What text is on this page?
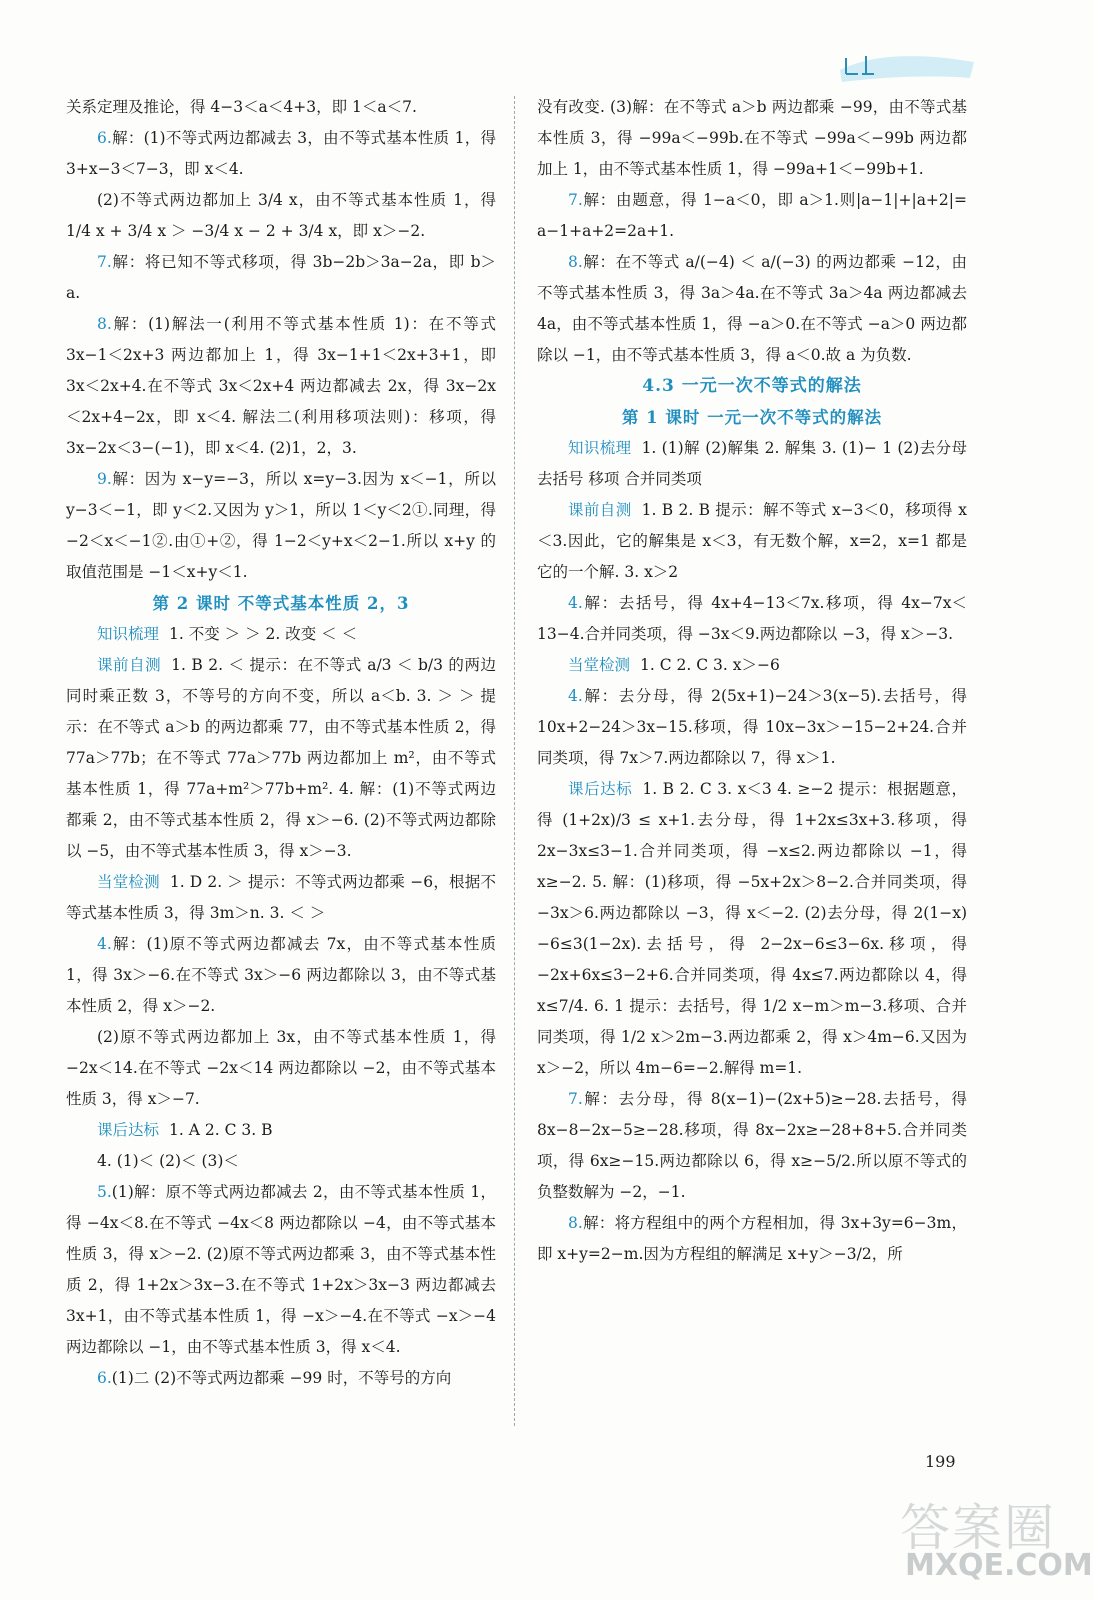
关系定理及推论，得 4−3＜a＜4+3，即 1＜a＜7.

6.解：(1)不等式两边都减去 3，由不等式基本性质 1，得 3+x−3＜7−3，即 x＜4.

(2)不等式两边都加上 3/4 x，由不等式基本性质 1，得 1/4 x + 3/4 x ＞ −3/4 x − 2 + 3/4 x，即 x＞−2.

7.解：将已知不等式移项，得 3b−2b＞3a−2a，即 b＞a.

8.解：(1)解法一(利用不等式基本性质 1)：在不等式 3x−1＜2x+3 两边都加上 1，得 3x−1+1＜2x+3+1，即 3x＜2x+4.在不等式 3x＜2x+4 两边都减去 2x，得 3x−2x＜2x+4−2x，即 x＜4. 解法二(利用移项法则)：移项，得 3x−2x＜3−(−1)，即 x＜4. (2)1，2，3.

9.解：因为 x−y=−3，所以 x=y−3.因为 x＜−1，所以 y−3＜−1，即 y＜2.又因为 y＞1，所以 1＜y＜2①.同理，得 −2＜x＜−1②.由①+②，得 1−2＜y+x＜2−1.所以 x+y 的取值范围是 −1＜x+y＜1.

第 2 课时 不等式基本性质 2，3

知识梳理 1. 不变 ＞ ＞ 2. 改变 ＜ ＜

课前自测 1. B 2. ＜ 提示：在不等式 a/3 ＜ b/3 的两边同时乘正数 3，不等号的方向不变，所以 a＜b. 3. ＞ ＞ 提示：在不等式 a＞b 的两边都乘 77，由不等式基本性质 2，得 77a＞77b；在不等式 77a＞77b 两边都加上 m²，由不等式基本性质 1，得 77a+m²＞77b+m². 4. 解：(1)不等式两边都乘 2，由不等式基本性质 2，得 x＞−6. (2)不等式两边都除以 −5，由不等式基本性质 3，得 x＞−3.

当堂检测 1. D 2. ＞ 提示：不等式两边都乘 −6，根据不等式基本性质 3，得 3m＞n. 3. ＜ ＞

4.解：(1)原不等式两边都减去 7x，由不等式基本性质 1，得 3x＞−6.在不等式 3x＞−6 两边都除以 3，由不等式基本性质 2，得 x＞−2.

(2)原不等式两边都加上 3x，由不等式基本性质 1，得 −2x＜14.在不等式 −2x＜14 两边都除以 −2，由不等式基本性质 3，得 x＞−7.

课后达标 1. A 2. C 3. B

4. (1)＜ (2)＜ (3)＜

5.(1)解：原不等式两边都减去 2，由不等式基本性质 1，得 −4x＜8.在不等式 −4x＜8 两边都除以 −4，由不等式基本性质 3，得 x＞−2. (2)原不等式两边都乘 3，由不等式基本性质 2，得 1+2x＞3x−3.在不等式 1+2x＞3x−3 两边都减去 3x+1，由不等式基本性质 1，得 −x＞−4.在不等式 −x＞−4 两边都除以 −1，由不等式基本性质 3，得 x＜4.

6.(1)二 (2)不等式两边都乘 −99 时，不等号的方向

没有改变. (3)解：在不等式 a＞b 两边都乘 −99，由不等式基本性质 3，得 −99a＜−99b.在不等式 −99a＜−99b 两边都加上 1，由不等式基本性质 1，得 −99a+1＜−99b+1.

7.解：由题意，得 1−a＜0，即 a＞1.则|a−1|+|a+2|= a−1+a+2=2a+1.

8.解：在不等式 a/(−4) ＜ a/(−3) 的两边都乘 −12，由不等式基本性质 3，得 3a＞4a.在不等式 3a＞4a 两边都减去 4a，由不等式基本性质 1，得 −a＞0.在不等式 −a＞0 两边都除以 −1，由不等式基本性质 3，得 a＜0.故 a 为负数.

4.3 一元一次不等式的解法

第 1 课时 一元一次不等式的解法

知识梳理 1. (1)解 (2)解集 2. 解集 3. (1)− 1 (2)去分母 去括号 移项 合并同类项

课前自测 1. B 2. B 提示：解不等式 x−3＜0，移项得 x＜3.因此，它的解集是 x＜3，有无数个解，x=2，x=1 都是它的一个解. 3. x＞2

4.解：去括号，得 4x+4−13＜7x.移项，得 4x−7x＜13−4.合并同类项，得 −3x＜9.两边都除以 −3，得 x＞−3.

当堂检测 1. C 2. C 3. x＞−6

4.解：去分母，得 2(5x+1)−24＞3(x−5).去括号，得 10x+2−24＞3x−15.移项，得 10x−3x＞−15−2+24.合并同类项，得 7x＞7.两边都除以 7，得 x＞1.

课后达标 1. B 2. C 3. x＜3 4. ≥−2 提示：根据题意，得 (1+2x)/3 ≤ x+1.去分母，得 1+2x≤3x+3.移项，得 2x−3x≤3−1.合并同类项，得 −x≤2.两边都除以 −1，得 x≥−2. 5. 解：(1)移项，得 −5x+2x＞8−2.合并同类项，得 −3x＞6.两边都除以 −3，得 x＜−2. (2)去分母，得 2(1−x)−6≤3(1−2x).去括号，得 2−2x−6≤3−6x.移项，得 −2x+6x≤3−2+6.合并同类项，得 4x≤7.两边都除以 4，得 x≤7/4. 6. 1 提示：去括号，得 1/2 x−m＞m−3.移项、合并同类项，得 1/2 x＞2m−3.两边都乘 2，得 x＞4m−6.又因为 x＞−2，所以 4m−6=−2.解得 m=1.

7.解：去分母，得 8(x−1)−(2x+5)≥−28.去括号，得 8x−8−2x−5≥−28.移项，得 8x−2x≥−28+8+5.合并同类项，得 6x≥−15.两边都除以 6，得 x≥−5/2.所以原不等式的负整数解为 −2，−1.

8.解：将方程组中的两个方程相加，得 3x+3y=6−3m，即 x+y=2−m.因为方程组的解满足 x+y＞−3/2，所

199
答案圈
MXQE.COM
